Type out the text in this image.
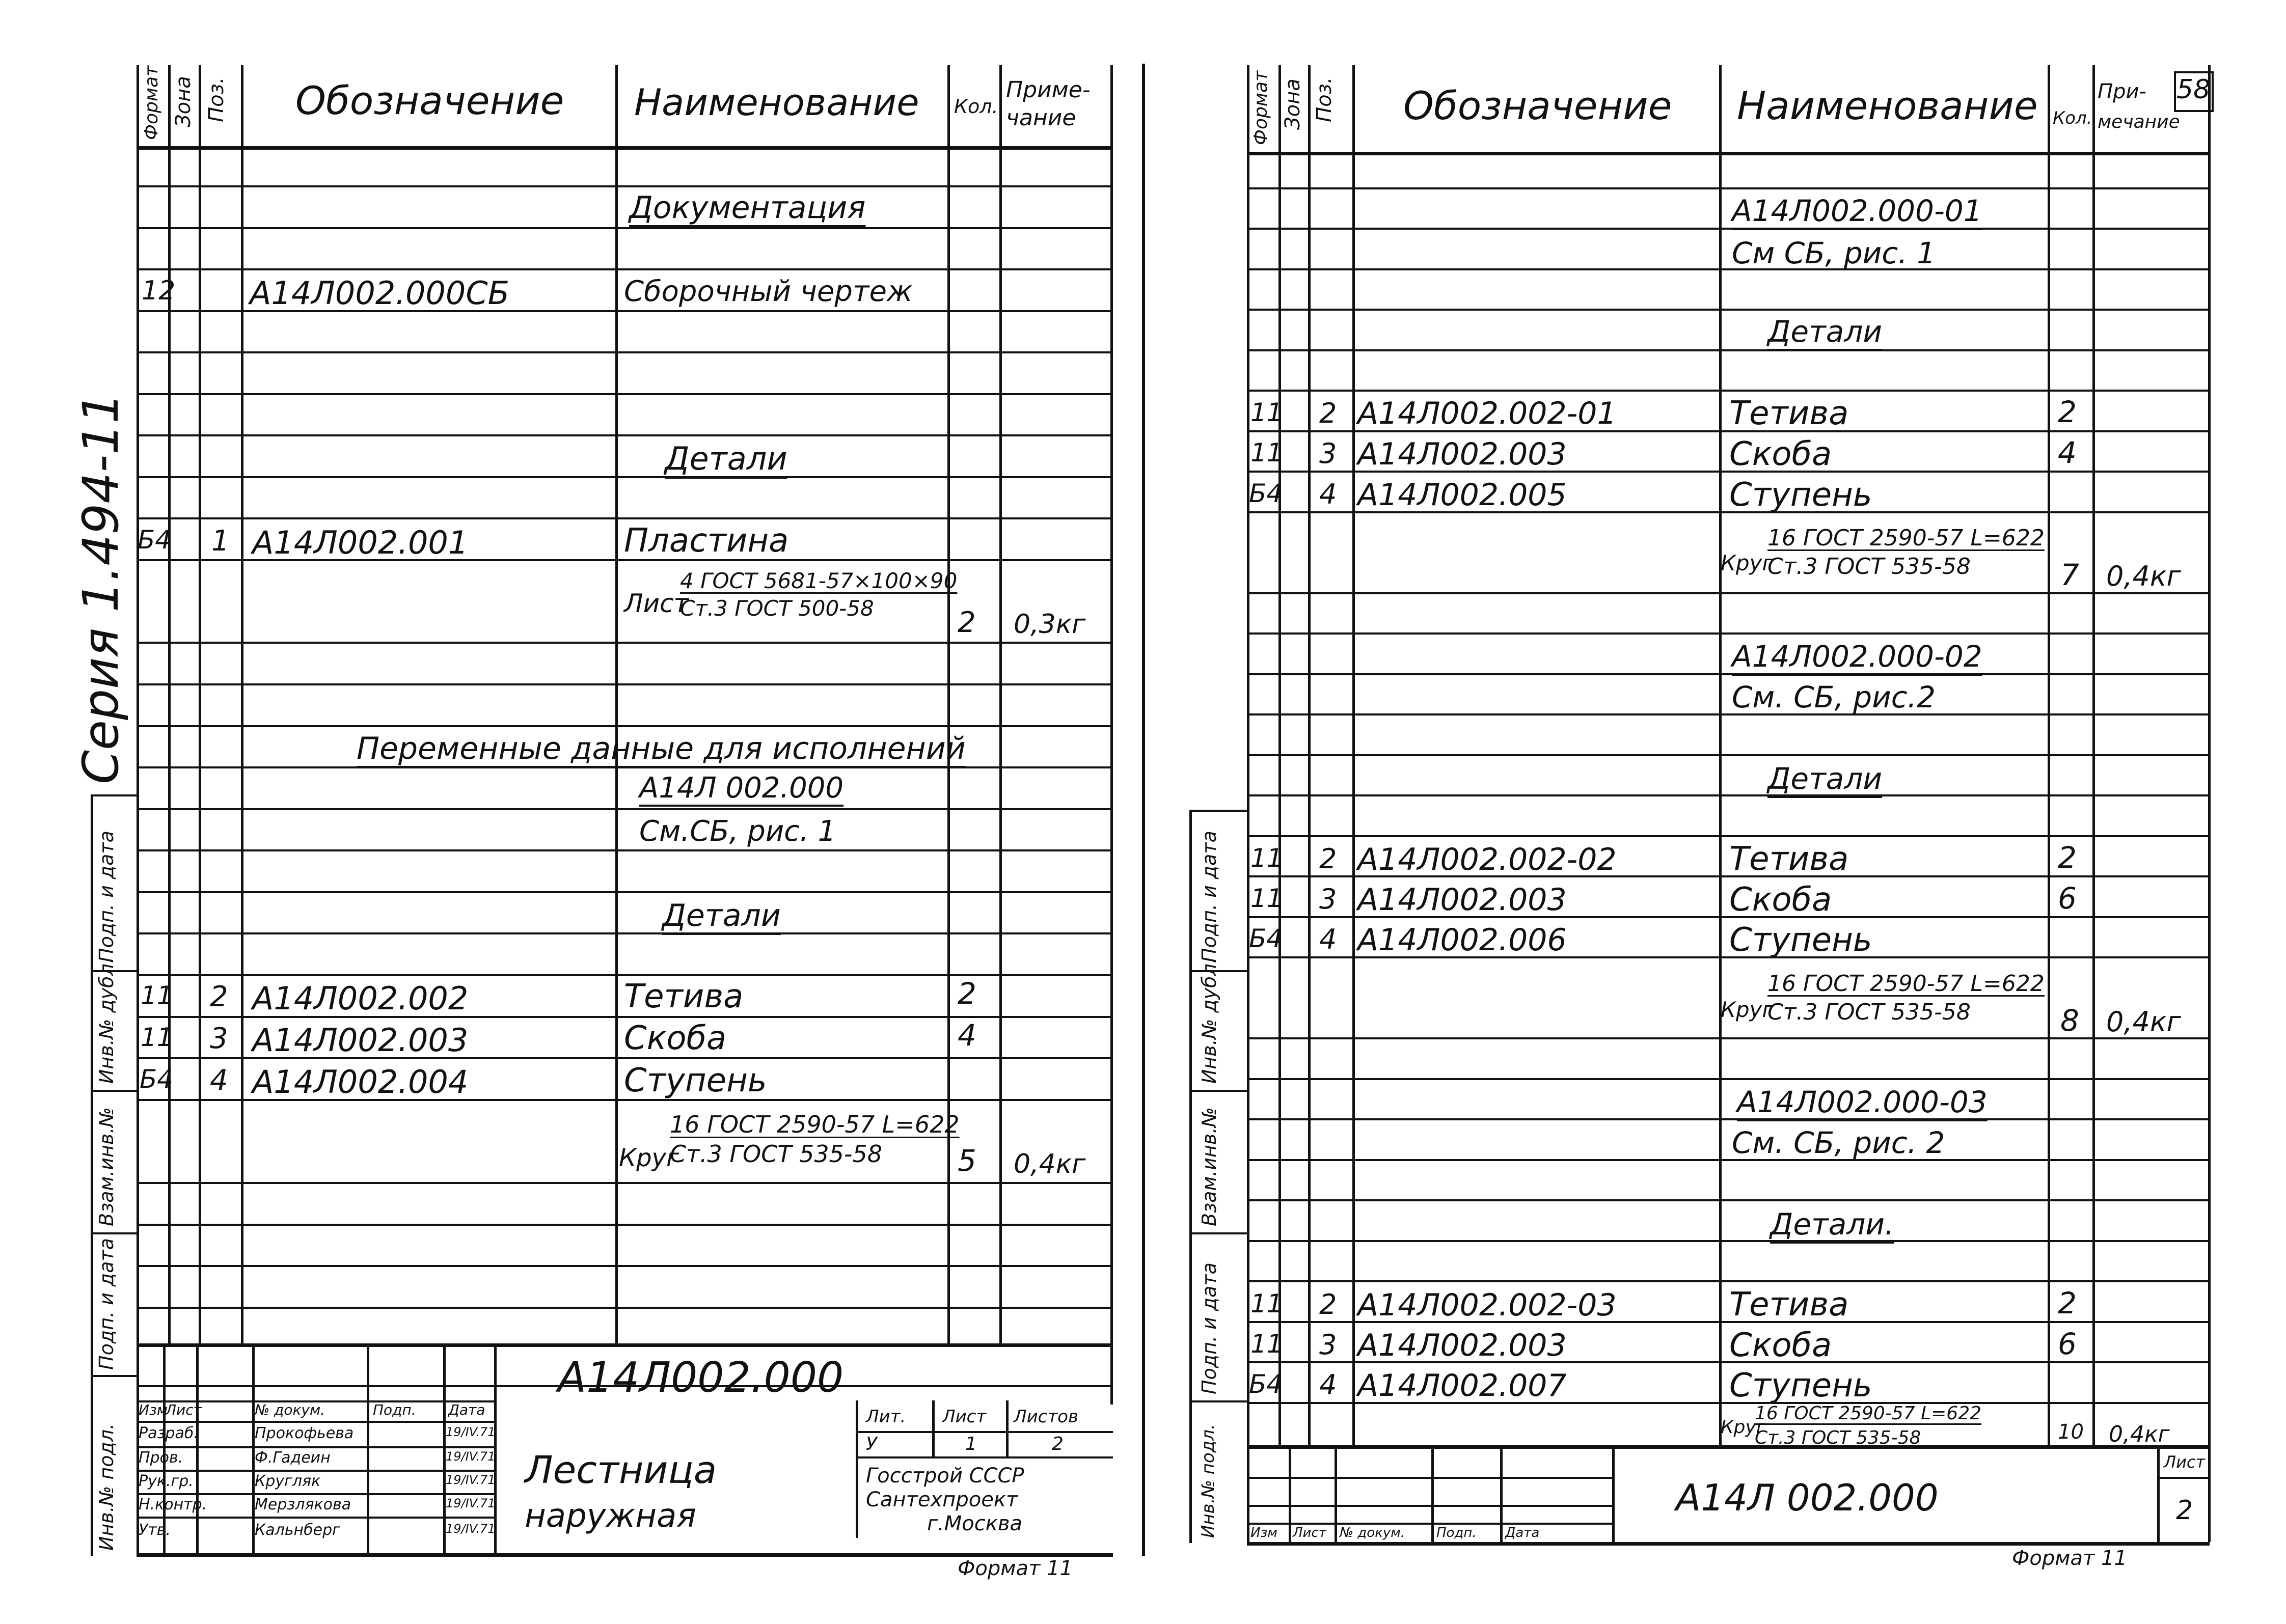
Серия 1.494-11
Подп. и дата
Инв.№ дубл.
Взам.инв.№
Подп. и дата
Инв.№ подл.
Формат Зона Поз. Обозначение Наименование Кол.
Приме-
чание
Документация
12 А14Л002.000СБ	Сборочный чертеж
Детали
Б4 1 А14Л002.001	Пластина
Лист
4 ГОСТ 5681-57×100×90
Ст.3 ГОСТ 500-58	2 0,3кг
Переменные данные для исполнений
А14Л 002.000
См.СБ, рис. 1
Детали
11 2 А14Л002.002	Тетива	2
11 3 А14Л002.003	Скоба	4
Б4 4 А14Л002.004	Ступень
Круг
16 ГОСТ 2590-57 L=622
Ст.3 ГОСТ 535-58	5 0,4кг
А14Л002.000
Лестница
наружная
Изм
Лист	№ докум.	Подп. Дата
Разраб.	Прокофьева	19/IV.71
Пров.	Ф.Гадеин	19/IV.71
Рук.гр.	Кругляк	19/IV.71
Н.контр.	Мерзлякова	19/IV.71
Утв.	Кальнберг	19/IV.71
Лит. Лист Листов
У	1	2
Госстрой СССР
Сантехпроект
г.Москва
Формат 11
58
Подп. и дата
Инв.№ дубл.
Взам.инв.№
Подп. и дата
Инв.№ подл.
Формат Зона Поз. Обозначение Наименование Кол.
При-
мечание
А14Л002.000-01
См СБ, рис. 1
Детали
11 2 А14Л002.002-01	Тетива	2
11 3 А14Л002.003	Скоба	4
Б4 4 А14Л002.005	Ступень
Круг
16 ГОСТ 2590-57 L=622
Ст.3 ГОСТ 535-58	7 0,4кг
А14Л002.000-02
См. СБ, рис.2
Детали
11 2 А14Л002.002-02	Тетива	2
11 3 А14Л002.003	Скоба	6
Б4 4 А14Л002.006	Ступень
Круг
16 ГОСТ 2590-57 L=622
Ст.3 ГОСТ 535-58	8 0,4кг
А14Л002.000-03
См. СБ, рис. 2
Детали.
11 2 А14Л002.002-03	Тетива	2
11 3 А14Л002.003	Скоба	6
Б4 4 А14Л002.007	Ступень
Круг
16 ГОСТ 2590-57 L=622
Ст.3 ГОСТ 535-58	10 0,4кг
А14Л 002.000
Изм Лист № докум. Подп. Дата
Лист
2
Формат 11
